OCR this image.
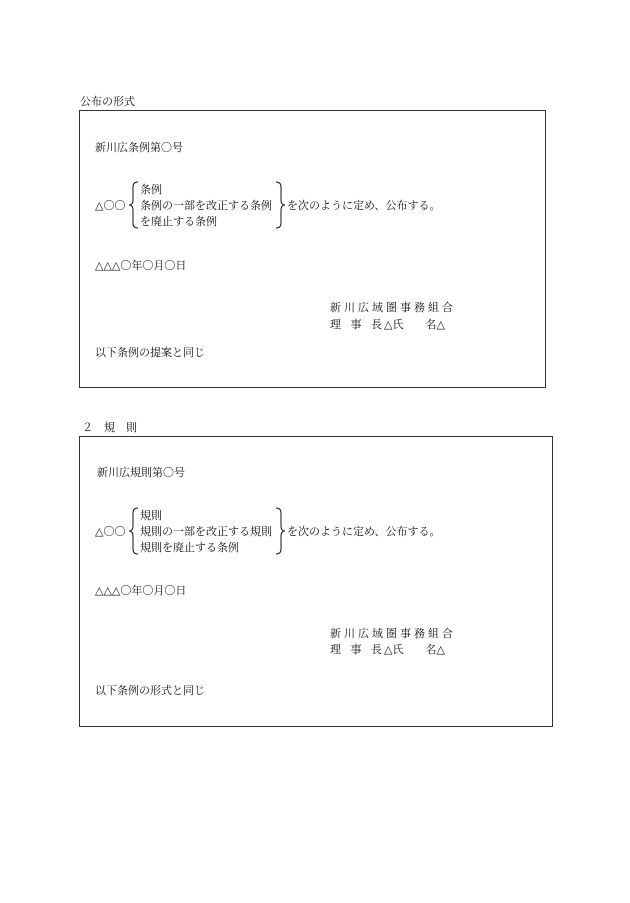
公布の形式
新川広条例第〇号
△〇〇
条例
条例の一部を改正する条例
を廃止する条例
を次のように定め、公布する。
△△△〇年〇月〇日
新川広域圏事務組合
理 事 長 △氏　　名△
以下条例の提案と同じ
２　規　則
新川広規則第〇号
△〇〇
規則
規則の一部を改正する規則
規則を廃止する条例
を次のように定め、公布する。
△△△〇年〇月〇日
新川広域圏事務組合
理 事 長 △氏　　名△
以下条例の形式と同じ
